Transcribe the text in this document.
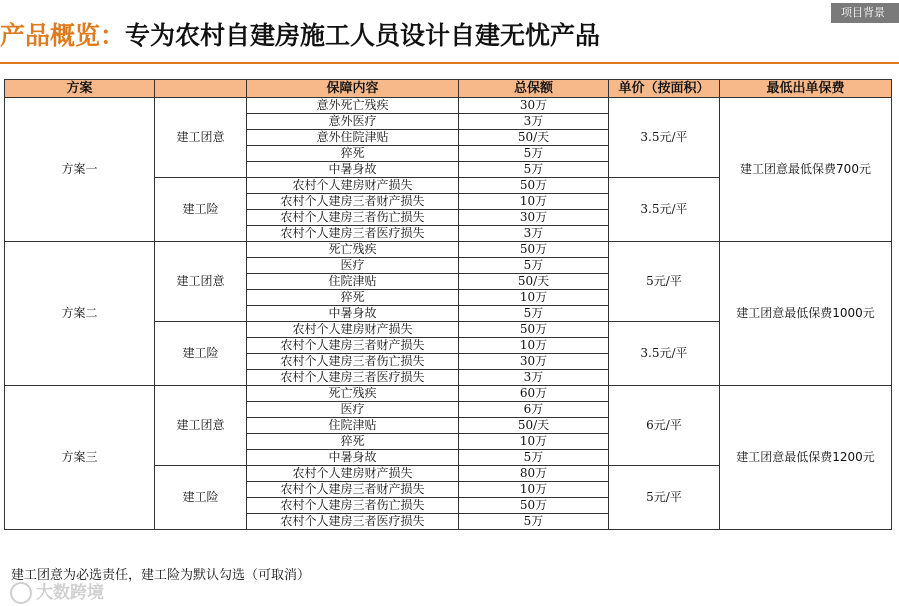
产品概览：专为农村自建房施工人员设计自建无忧产品
项目背景
方案		保障内容	总保额	单价（按面积）	最低出单保费
方案一	建工团意	意外死亡残疾	30万	3.5元/平	建工团意最低保费700元
		意外医疗	3万		
		意外住院津贴	50/天		
		猝死	5万		
		中暑身故	5万		
	建工险	农村个人建房财产损失	50万	3.5元/平	
		农村个人建房三者财产损失	10万		
		农村个人建房三者伤亡损失	30万		
		农村个人建房三者医疗损失	3万		
方案二	建工团意	死亡残疾	50万	5元/平	建工团意最低保费1000元
		医疗	5万		
		住院津贴	50/天		
		猝死	10万		
		中暑身故	5万		
	建工险	农村个人建房财产损失	50万	3.5元/平	
		农村个人建房三者财产损失	10万		
		农村个人建房三者伤亡损失	30万		
		农村个人建房三者医疗损失	3万		
方案三	建工团意	死亡残疾	60万	6元/平	建工团意最低保费1200元
		医疗	6万		
		住院津贴	50/天		
		猝死	10万		
		中暑身故	5万		
	建工险	农村个人建房财产损失	80万	5元/平	
		农村个人建房三者财产损失	10万		
		农村个人建房三者伤亡损失	50万		
		农村个人建房三者医疗损失	5万		
建工团意为必选责任，建工险为默认勾选（可取消）
大数跨境
